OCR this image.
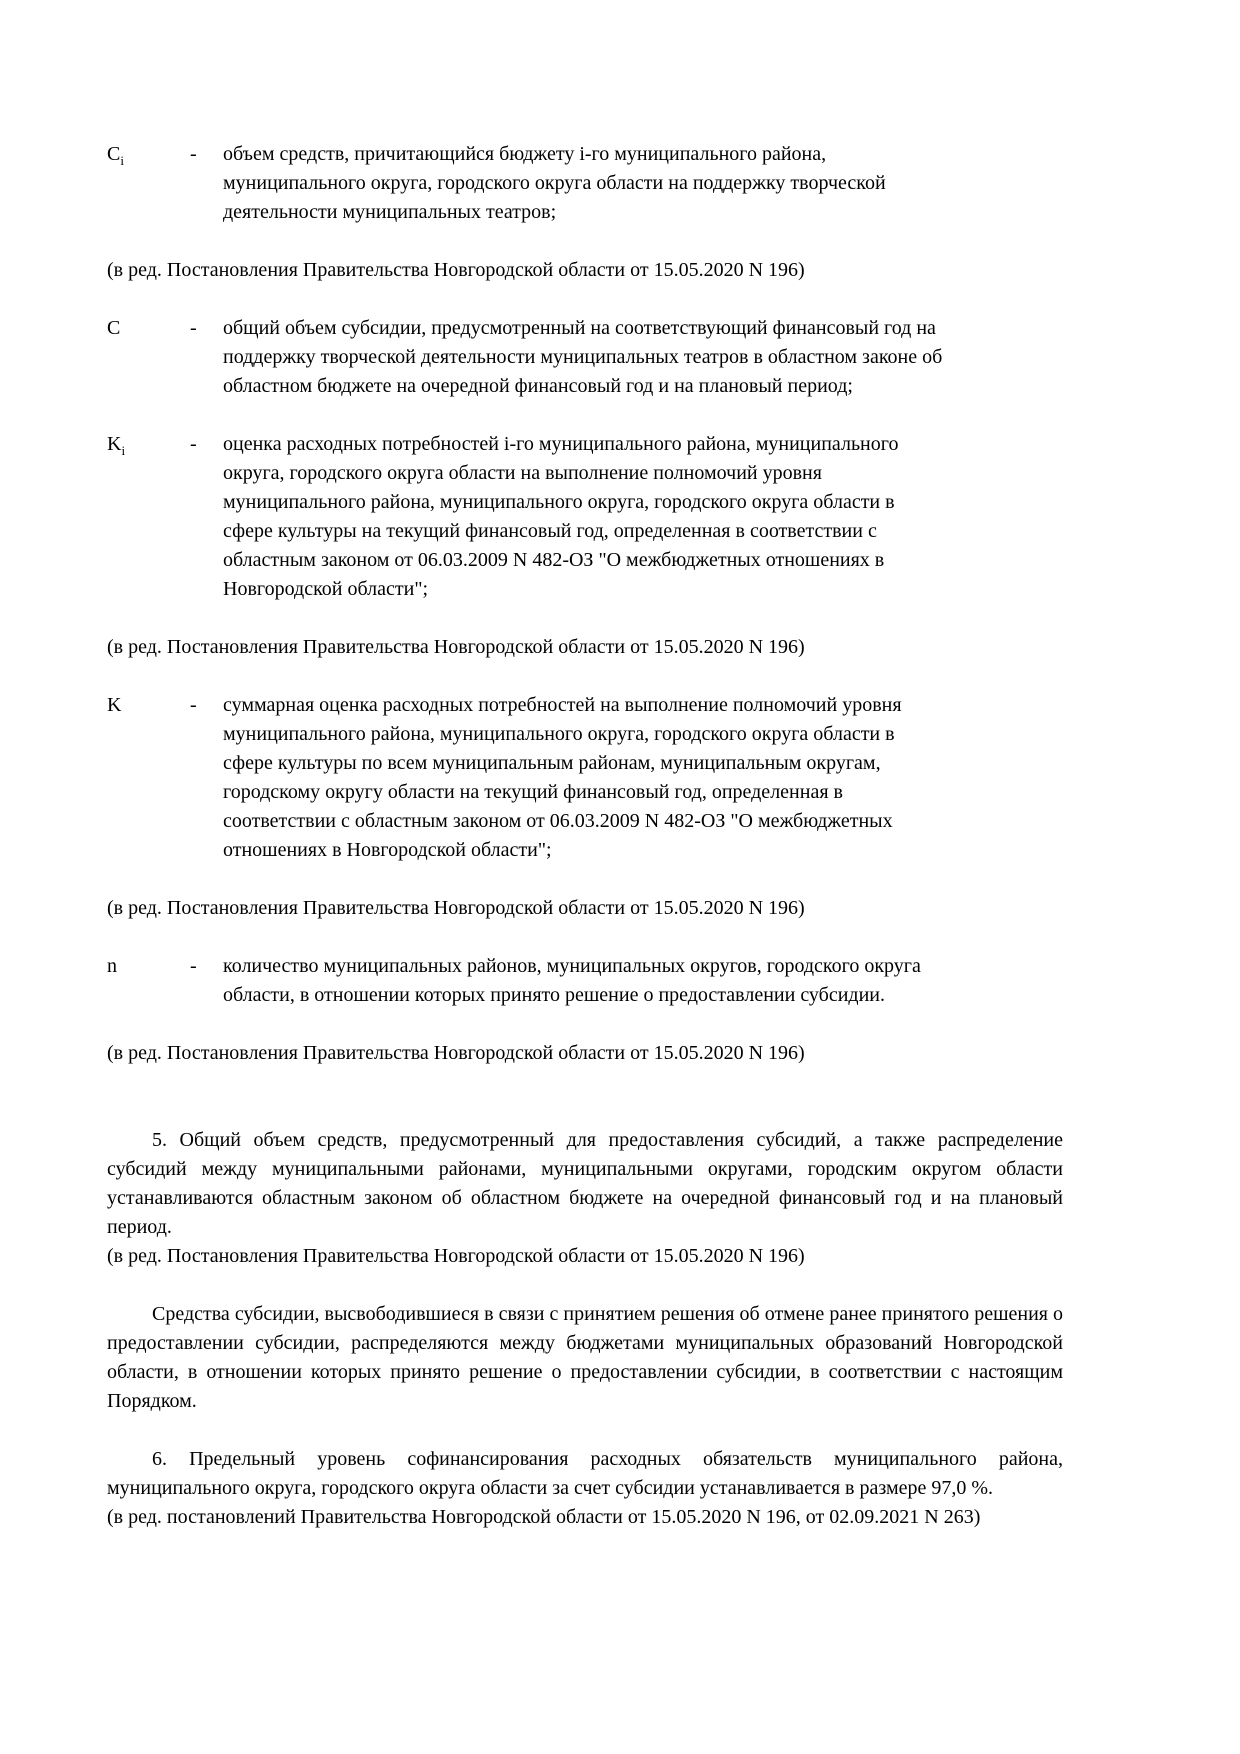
$C_i$	-	объем средств, причитающийся бюджету i-го муниципального района, муниципального округа, городского округа области на поддержку творческой деятельности муниципальных театров;

(в ред. Постановления Правительства Новгородской области от 15.05.2020 N 196)

C	-	общий объем субсидии, предусмотренный на соответствующий финансовый год на поддержку творческой деятельности муниципальных театров в областном законе об областном бюджете на очередной финансовый год и на плановый период;
$K_i$	-	оценка расходных потребностей i-го муниципального района, муниципального округа, городского округа области на выполнение полномочий уровня муниципального района, муниципального округа, городского округа области в сфере культуры на текущий финансовый год, определенная в соответствии с областным законом от 06.03.2009 N 482-ОЗ "О межбюджетных отношениях в Новгородской области";

(в ред. Постановления Правительства Новгородской области от 15.05.2020 N 196)

K	-	суммарная оценка расходных потребностей на выполнение полномочий уровня муниципального района, муниципального округа, городского округа области в сфере культуры по всем муниципальным районам, муниципальным округам, городскому округу области на текущий финансовый год, определенная в соответствии с областным законом от 06.03.2009 N 482-ОЗ "О межбюджетных отношениях в Новгородской области";

(в ред. Постановления Правительства Новгородской области от 15.05.2020 N 196)

n	-	количество муниципальных районов, муниципальных округов, городского округа области, в отношении которых принято решение о предоставлении субсидии.

(в ред. Постановления Правительства Новгородской области от 15.05.2020 N 196)

5. Общий объем средств, предусмотренный для предоставления субсидий, а также распределение субсидий между муниципальными районами, муниципальными округами, городским округом области устанавливаются областным законом об областном бюджете на очередной финансовый год и на плановый период.

(в ред. Постановления Правительства Новгородской области от 15.05.2020 N 196)

Средства субсидии, высвободившиеся в связи с принятием решения об отмене ранее принятого решения о предоставлении субсидии, распределяются между бюджетами муниципальных образований Новгородской области, в отношении которых принято решение о предоставлении субсидии, в соответствии с настоящим Порядком.

6. Предельный уровень софинансирования расходных обязательств муниципального района, муниципального округа, городского округа области за счет субсидии устанавливается в размере 97,0 %.

(в ред. постановлений Правительства Новгородской области от 15.05.2020 N 196, от 02.09.2021 N 263)
